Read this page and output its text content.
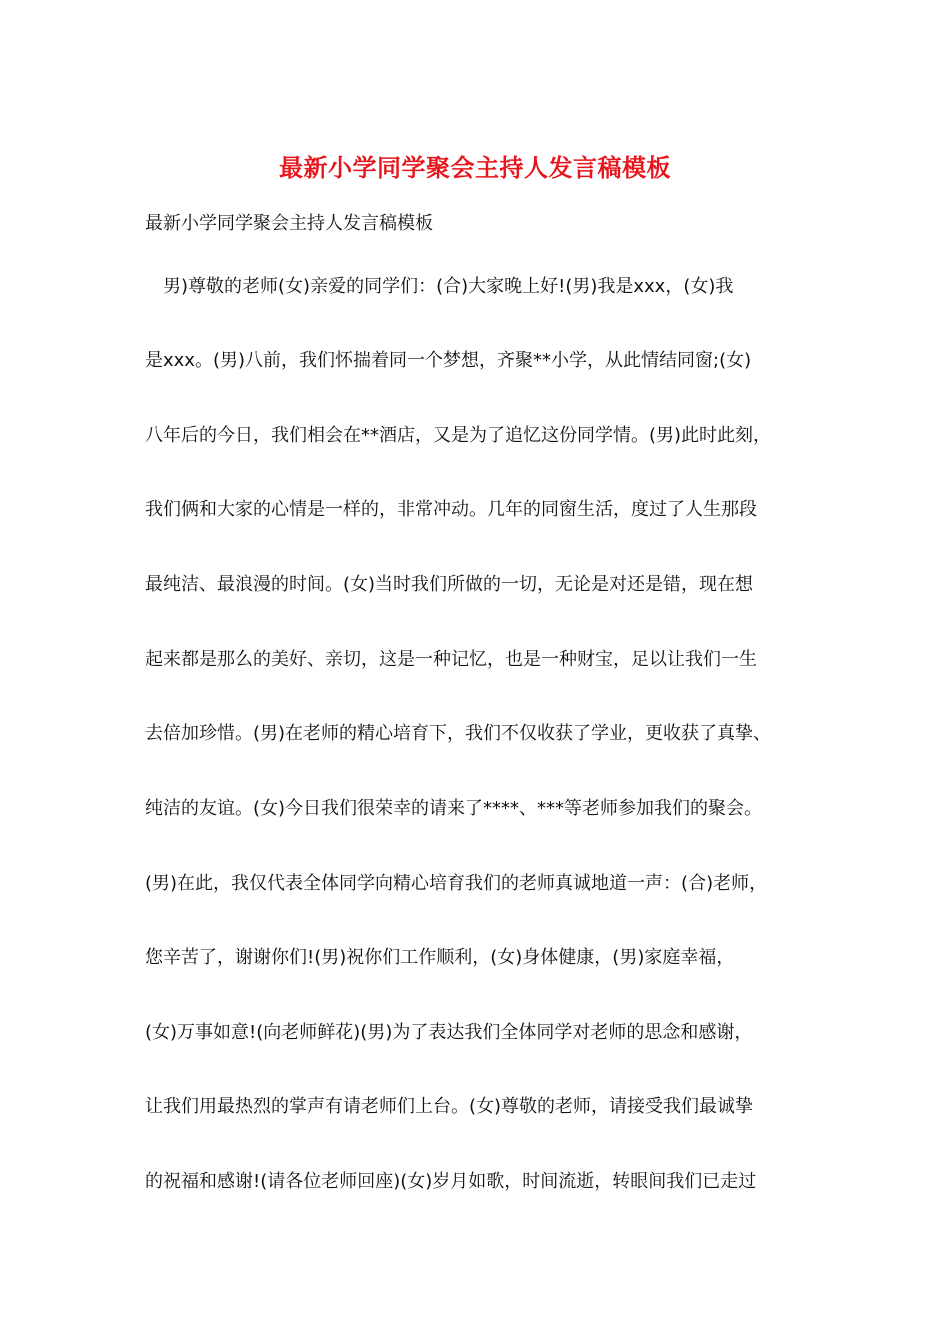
最新小学同学聚会主持人发言稿模板

最新小学同学聚会主持人发言稿模板

　男)尊敬的老师(女)亲爱的同学们：(合)大家晚上好!(男)我是xxx，(女)我

是xxx。(男)八前，我们怀揣着同一个梦想，齐聚**小学，从此情结同窗;(女)

八年后的今日，我们相会在**酒店，又是为了追忆这份同学情。(男)此时此刻，

我们俩和大家的心情是一样的，非常冲动。几年的同窗生活，度过了人生那段

最纯洁、最浪漫的时间。(女)当时我们所做的一切，无论是对还是错，现在想

起来都是那么的美好、亲切，这是一种记忆，也是一种财宝，足以让我们一生

去倍加珍惜。(男)在老师的精心培育下，我们不仅收获了学业，更收获了真挚、

纯洁的友谊。(女)今日我们很荣幸的请来了****、***等老师参加我们的聚会。

(男)在此，我仅代表全体同学向精心培育我们的老师真诚地道一声：(合)老师，

您辛苦了，谢谢你们!(男)祝你们工作顺利，(女)身体健康，(男)家庭幸福，

(女)万事如意!(向老师鲜花)(男)为了表达我们全体同学对老师的思念和感谢，

让我们用最热烈的掌声有请老师们上台。(女)尊敬的老师，请接受我们最诚挚

的祝福和感谢!(请各位老师回座)(女)岁月如歌，时间流逝，转眼间我们已走过
